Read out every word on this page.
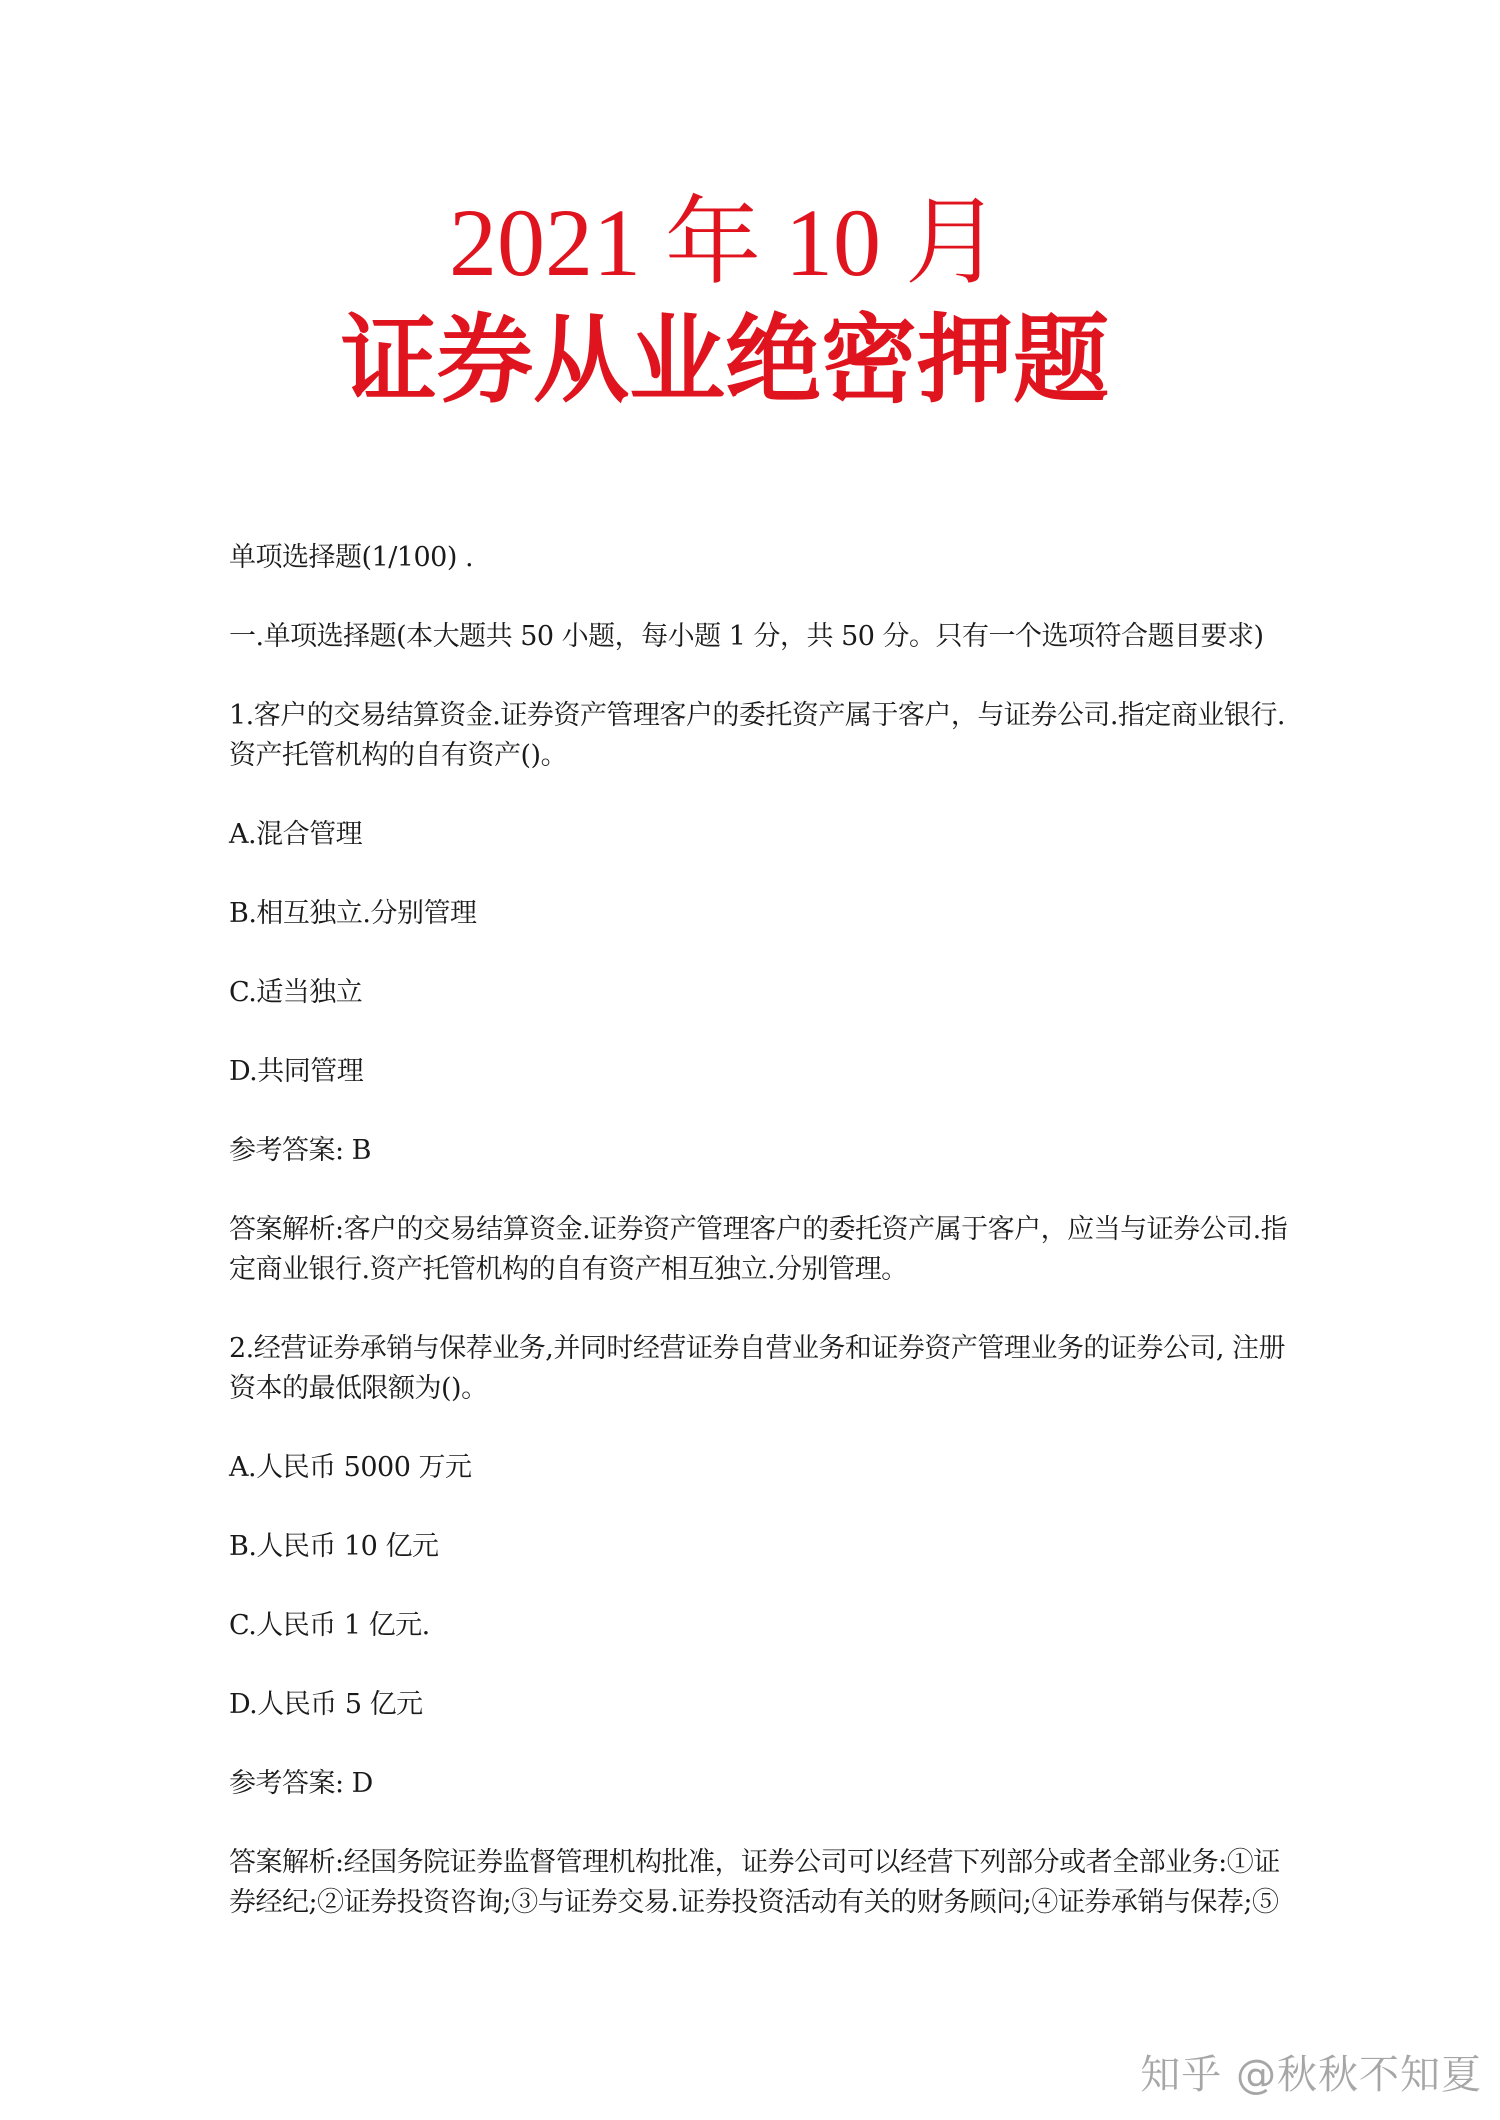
2021 年 10 月
证券从业绝密押题

单项选择题(1/100) .

一.单项选择题(本大题共 50 小题，每小题 1 分，共 50 分。只有一个选项符合题目要求)

1.客户的交易结算资金.证券资产管理客户的委托资产属于客户，与证券公司.指定商业银行.资产托管机构的自有资产()。

A.混合管理

B.相互独立.分别管理

C.适当独立

D.共同管理

参考答案: B

答案解析:客户的交易结算资金.证券资产管理客户的委托资产属于客户，应当与证券公司.指定商业银行.资产托管机构的自有资产相互独立.分别管理。

2.经营证券承销与保荐业务,并同时经营证券自营业务和证券资产管理业务的证券公司, 注册资本的最低限额为()。

A.人民币 5000 万元

B.人民币 10 亿元

C.人民币 1 亿元.

D.人民币 5 亿元

参考答案: D

答案解析:经国务院证券监督管理机构批准，证券公司可以经营下列部分或者全部业务:①证券经纪;②证券投资咨询;③与证券交易.证券投资活动有关的财务顾问;④证券承销与保荐;⑤

知乎 @秋秋不知夏
